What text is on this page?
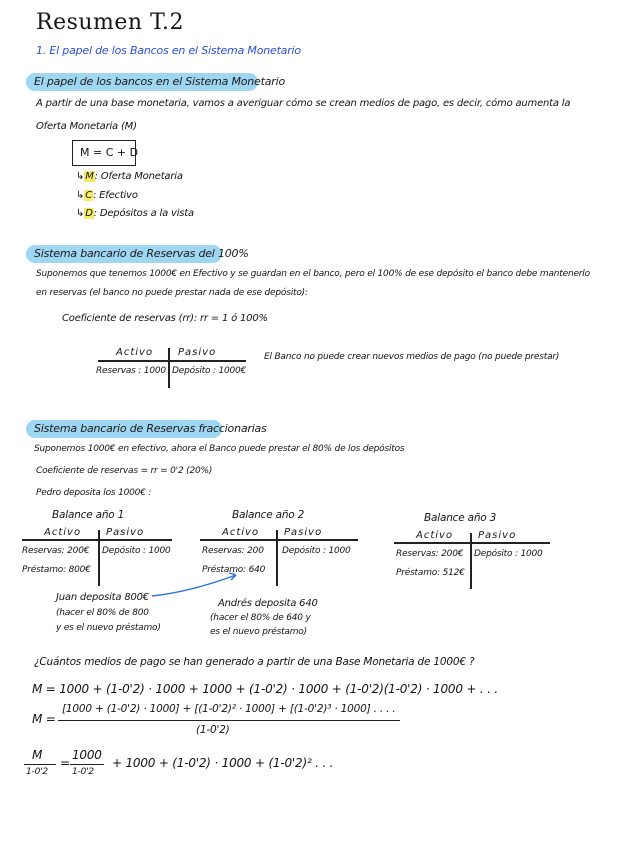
Resumen T.2
1. El papel de los Bancos en el Sistema Monetario
El papel de los bancos en el Sistema Monetario
A partir de una base monetaria, vamos a averiguar cómo se crean medios de pago, es decir, cómo aumenta la
Oferta Monetaria (M)
M = C + D
↳M: Oferta Monetaria
↳C: Efectivo
↳D: Depósitos a la vista
Sistema bancario de Reservas del 100%
Suponemos que tenemos 1000€ en Efectivo y se guardan en el banco, pero el 100% de ese depósito el banco debe mantenerlo
en reservas (el banco no puede prestar nada de ese depósito):
Coeficiente de reservas (rr): rr = 1 ó 100%
Activo Pasivo
Reservas : 1000 Depósito : 1000€
El Banco no puede crear nuevos medios de pago (no puede prestar)
Sistema bancario de Reservas fraccionarias
Suponemos 1000€ en efectivo, ahora el Banco puede prestar el 80% de los depósitos
Coeficiente de reservas = rr = 0'2 (20%)
Pedro deposita los 1000€ :
Balance año 1
Activo Pasivo
Reservas: 200€
Préstamo: 800€
Depósito : 1000
Balance año 2
Activo Pasivo
Reservas: 200
Préstamo: 640
Depósito : 1000
Balance año 3
Activo Pasivo
Reservas: 200€
Préstamo: 512€
Depósito : 1000
Juan deposita 800€
(hacer el 80% de 800
y es el nuevo préstamo)
Andrés deposita 640
(hacer el 80% de 640 y
es el nuevo préstamo)
¿Cuántos medios de pago se han generado a partir de una Base Monetaria de 1000€ ?
M = 1000 + (1-0'2) · 1000 + 1000 + (1-0'2) · 1000 + (1-0'2)(1-0'2) · 1000 + . . .
M =
[1000 + (1-0'2) · 1000] + [(1-0'2)² · 1000] + [(1-0'2)³ · 1000] . . . .
(1-0'2)
M
1-0'2
=
1000
1-0'2
+ 1000 + (1-0'2) · 1000 + (1-0'2)² . . .
